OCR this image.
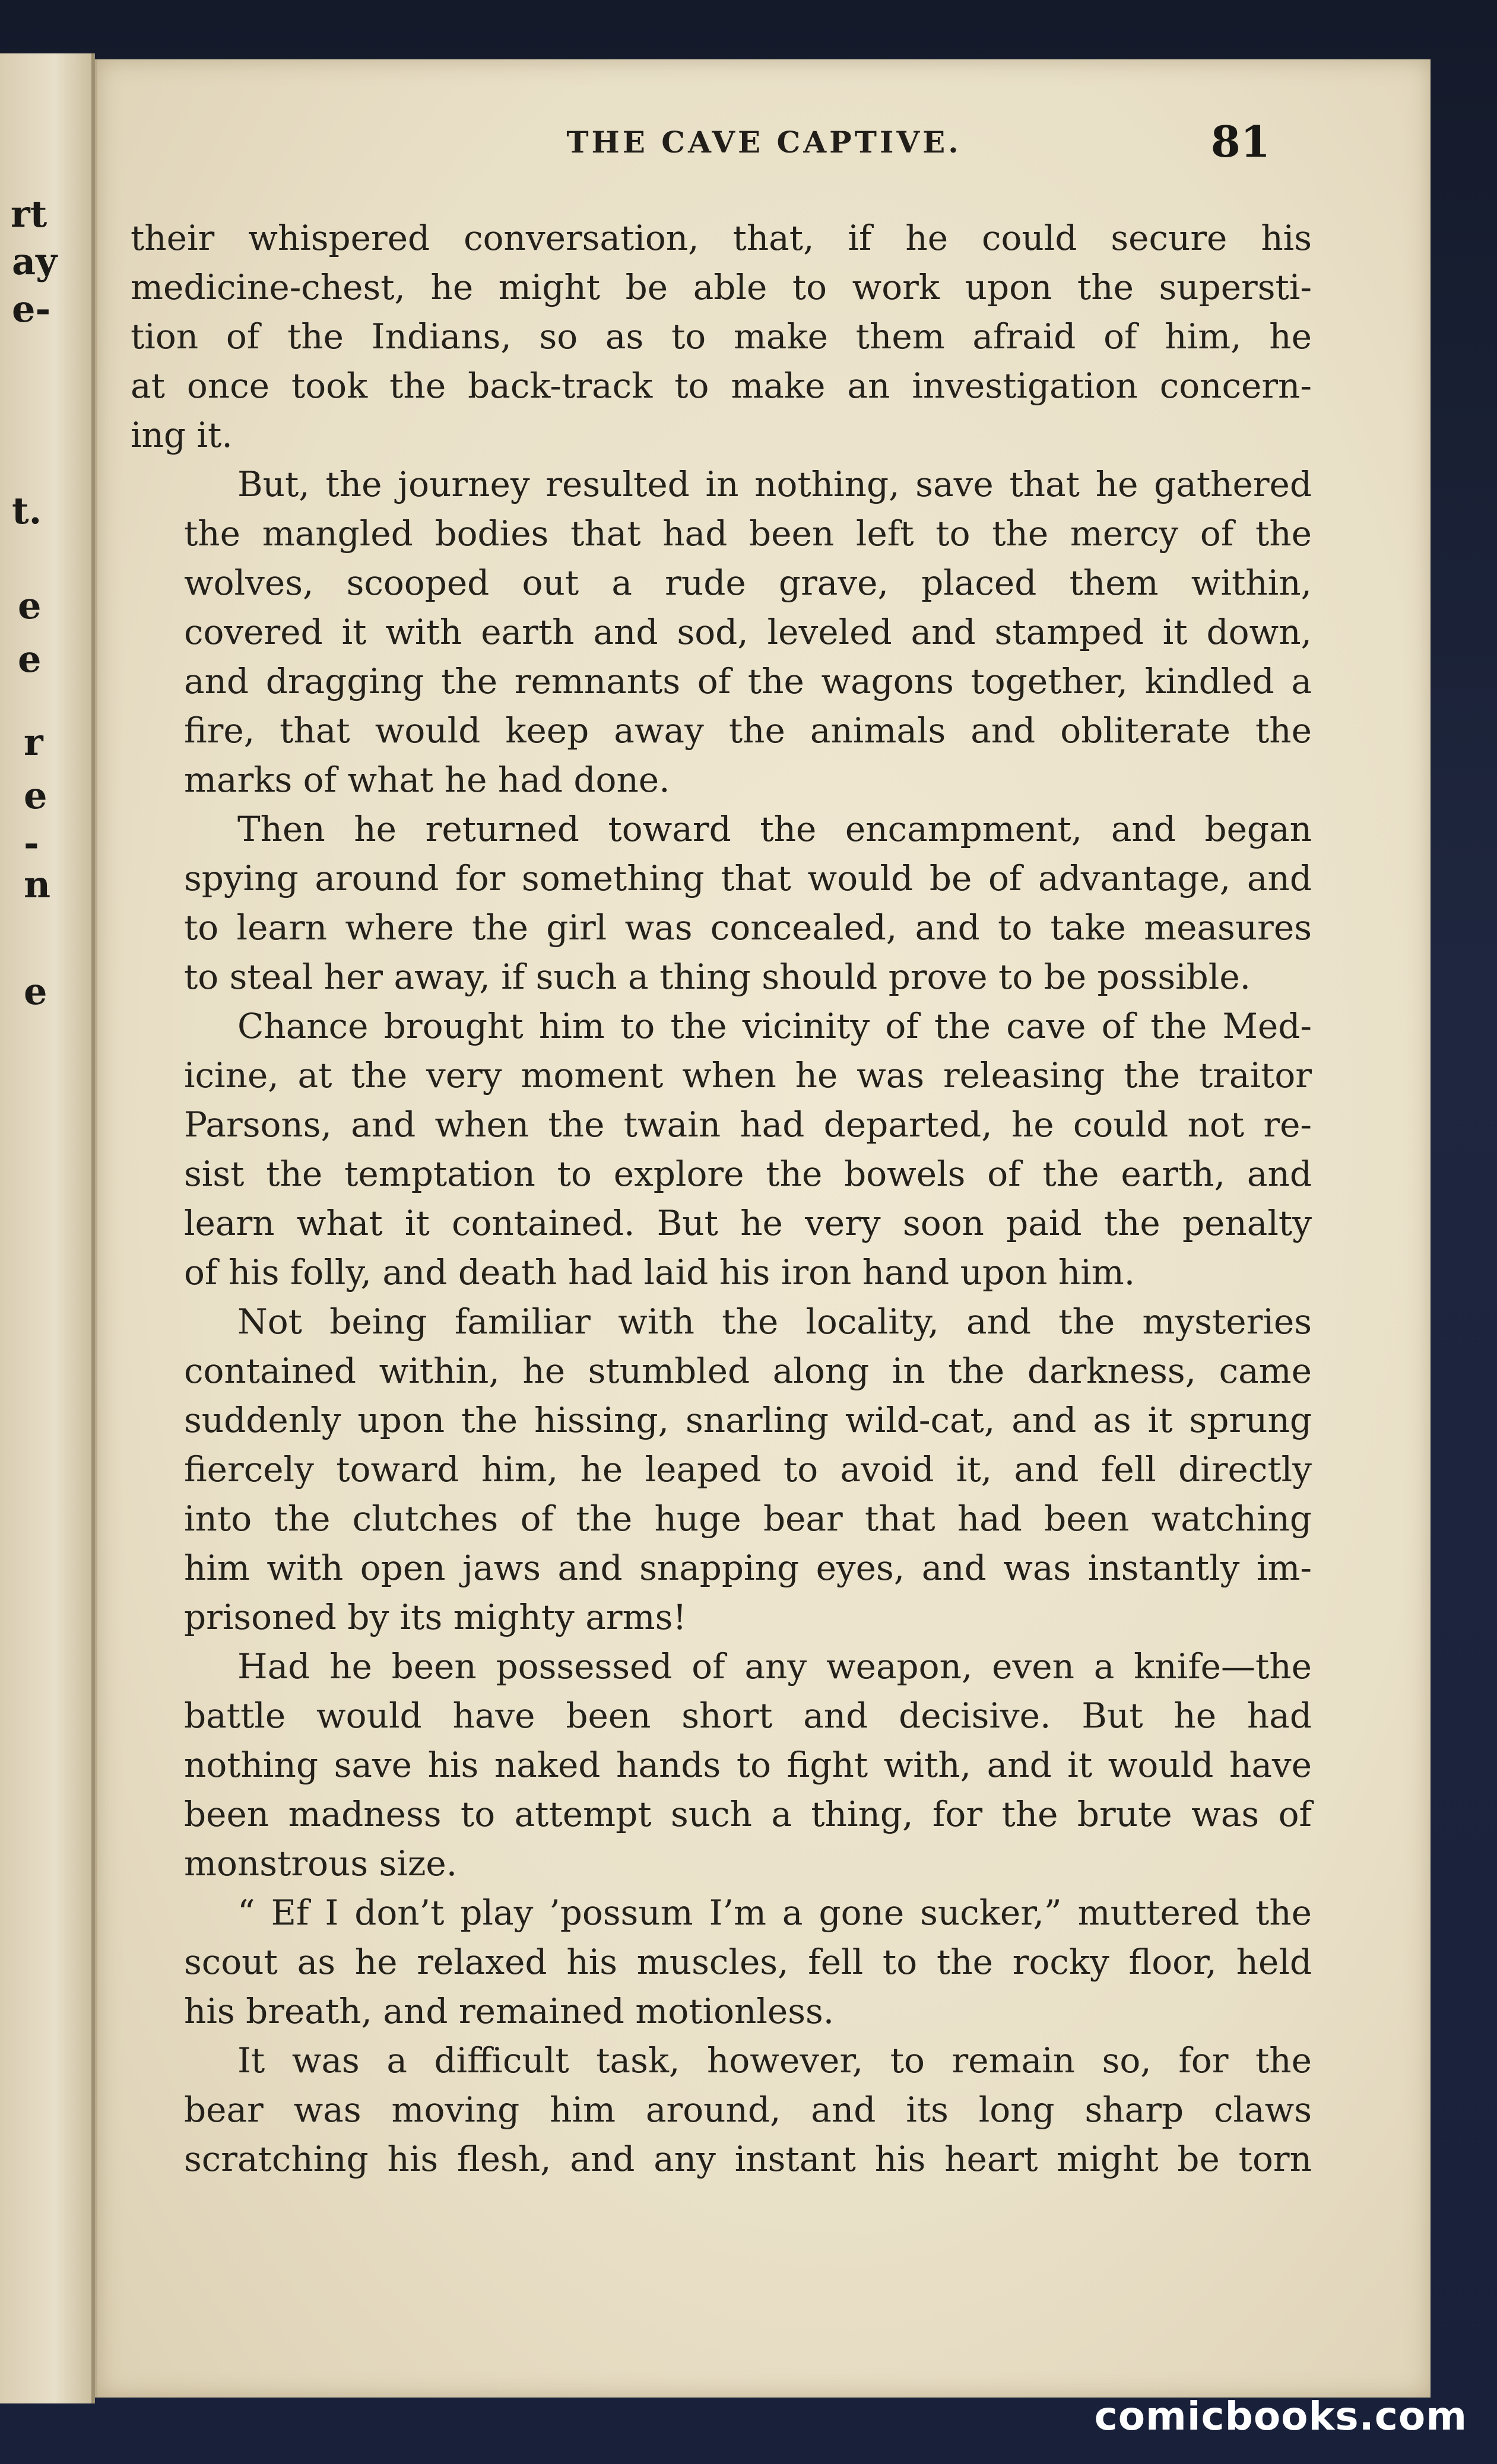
rt
ay
e-
t.
e
e
r
e
-
n
e
THE CAVE CAPTIVE.	81
their whispered conversation, that, if he could secure his
medicine-chest, he might be able to work upon the supersti-
tion of the Indians, so as to make them afraid of him, he
at once took the back-track to make an investigation concern-
ing it.
But, the journey resulted in nothing, save that he gathered
the mangled bodies that had been left to the mercy of the
wolves, scooped out a rude grave, placed them within,
covered it with earth and sod, leveled and stamped it down,
and dragging the remnants of the wagons together, kindled a
fire, that would keep away the animals and obliterate the
marks of what he had done.
Then he returned toward the encampment, and began
spying around for something that would be of advantage, and
to learn where the girl was concealed, and to take measures
to steal her away, if such a thing should prove to be possible.
Chance brought him to the vicinity of the cave of the Med-
icine, at the very moment when he was releasing the traitor
Parsons, and when the twain had departed, he could not re-
sist the temptation to explore the bowels of the earth, and
learn what it contained. But he very soon paid the penalty
of his folly, and death had laid his iron hand upon him.
Not being familiar with the locality, and the mysteries
contained within, he stumbled along in the darkness, came
suddenly upon the hissing, snarling wild-cat, and as it sprung
fiercely toward him, he leaped to avoid it, and fell directly
into the clutches of the huge bear that had been watching
him with open jaws and snapping eyes, and was instantly im-
prisoned by its mighty arms!
Had he been possessed of any weapon, even a knife—the
battle would have been short and decisive. But he had
nothing save his naked hands to fight with, and it would have
been madness to attempt such a thing, for the brute was of
monstrous size.
“ Ef I don’t play ’possum I’m a gone sucker,” muttered the
scout as he relaxed his muscles, fell to the rocky floor, held
his breath, and remained motionless.
It was a difficult task, however, to remain so, for the
bear was moving him around, and its long sharp claws
scratching his flesh, and any instant his heart might be torn
comicbooks.com
